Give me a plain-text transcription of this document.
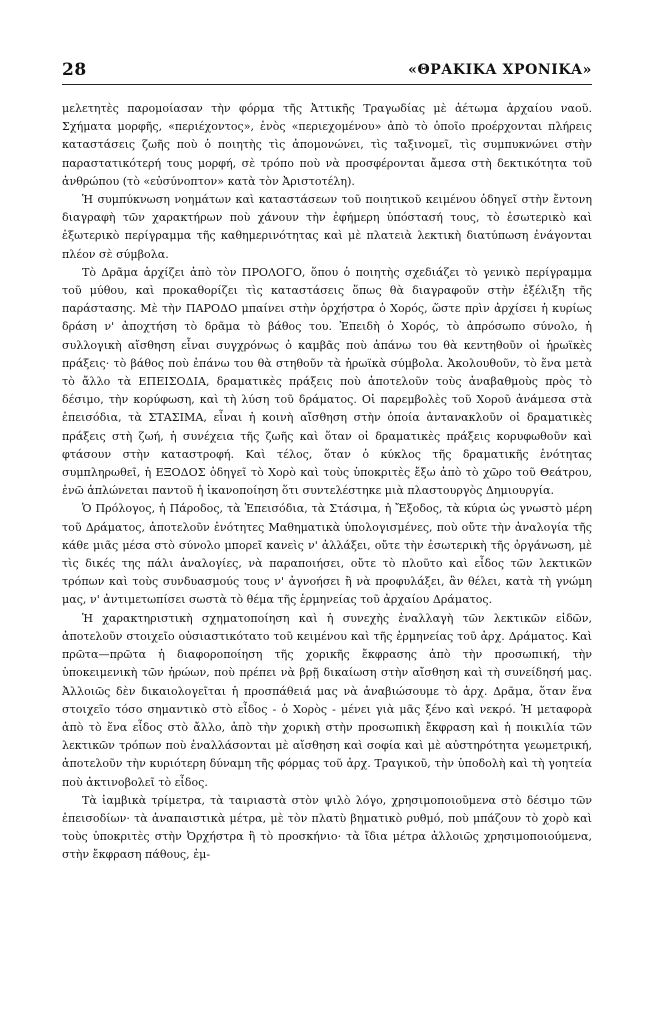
28	«ΘΡΑΚΙΚΑ ΧΡΟΝΙΚΑ»

μελετητὲς παρομοίασαν τὴν φόρμα τῆς Ἀττικῆς Τραγωδίας μὲ ἀέτωμα ἀρχαίου ναοῦ. Σχήματα μορφῆς, «περιέχοντος», ἑνὸς «περιεχομένου» ἀπὸ τὸ ὁποῖο προέρχονται πλήρεις καταστάσεις ζωῆς ποὺ ὁ ποιητὴς τὶς ἀπομονώνει, τὶς ταξινομεῖ, τὶς συμπυκνώνει στὴν παραστατικότερή τους μορφή, σὲ τρόπο ποὺ νὰ προσφέρονται ἄμεσα στὴ δεκτικότητα τοῦ ἀνθρώπου (τὸ «εὐσύνοπτον» κατὰ τὸν Ἀριστοτέλη).

Ἡ συμπύκνωση νοημάτων καὶ καταστάσεων τοῦ ποιητικοῦ κειμένου ὁδηγεῖ στὴν ἔντονη διαγραφὴ τῶν χαρακτήρων ποὺ χάνουν τὴν ἐφήμερη ὑπόστασή τους, τὸ ἐσωτερικὸ καὶ ἐξωτερικὸ περίγραμμα τῆς καθημερινότητας καὶ μὲ πλατειὰ λεκτικὴ διατύπωση ἐνάγονται πλέον σὲ σύμβολα.

Τὸ Δρᾶμα ἀρχίζει ἀπὸ τὸν ΠΡΟΛΟΓΟ, ὅπου ὁ ποιητὴς σχεδιάζει τὸ γενικὸ περίγραμμα τοῦ μύθου, καὶ προκαθορίζει τὶς καταστάσεις ὅπως θὰ διαγραφοῦν στὴν ἐξέλιξη τῆς παράστασης. Μὲ τὴν ΠΑΡΟΔΟ μπαίνει στὴν ὀρχήστρα ὁ Χορός, ὥστε πρὶν ἀρχίσει ἡ κυρίως δράση ν' ἀποχτήση τὸ δρᾶμα τὸ βάθος του. Ἐπειδὴ ὁ Χορός, τὸ ἀπρόσωπο σύνολο, ἡ συλλογικὴ αἴσθηση εἶναι συγχρόνως ὁ καμβᾶς ποὺ ἀπάνω του θὰ κεντηθοῦν οἱ ἡρωϊκὲς πράξεις· τὸ βάθος ποὺ ἐπάνω του θὰ στηθοῦν τὰ ἡρωϊκὰ σύμβολα. Ἀκολουθοῦν, τὸ ἕνα μετὰ τὸ ἄλλο τὰ ΕΠΕΙΣΟΔΙΑ, δραματικὲς πράξεις ποὺ ἀποτελοῦν τοὺς ἀναβαθμοὺς πρὸς τὸ δέσιμο, τὴν κορύφωση, καὶ τὴ λύση τοῦ δράματος. Οἱ παρεμβολὲς τοῦ Χοροῦ ἀνάμεσα στὰ ἐπεισόδια, τὰ ΣΤΑΣΙΜΑ, εἶναι ἡ κοινὴ αἴσθηση στὴν ὁποία ἀντανακλοῦν οἱ δραματικὲς πράξεις στὴ ζωή, ἡ συνέχεια τῆς ζωῆς καὶ ὅταν οἱ δραματικὲς πράξεις κορυφωθοῦν καὶ φτάσουν στὴν καταστροφή. Καὶ τέλος, ὅταν ὁ κύκλος τῆς δραματικῆς ἑνότητας συμπληρωθεῖ, ἡ ΕΞΟΔΟΣ ὁδηγεῖ τὸ Χορὸ καὶ τοὺς ὑποκριτὲς ἔξω ἀπὸ τὸ χῶρο τοῦ Θεάτρου, ἐνῶ ἁπλώνεται παντοῦ ἡ ἱκανοποίηση ὅτι συντελέστηκε μιὰ πλαστουργὸς Δημιουργία.

Ὁ Πρόλογος, ἡ Πάροδος, τὰ Ἐπεισόδια, τὰ Στάσιμα, ἡ Ἔξοδος, τὰ κύρια ὡς γνωστὸ μέρη τοῦ Δράματος, ἀποτελοῦν ἑνότητες Μαθηματικὰ ὑπολογισμένες, ποὺ οὔτε τὴν ἀναλογία τῆς κάθε μιᾶς μέσα στὸ σύνολο μπορεῖ κανεὶς ν' ἀλλάξει, οὔτε τὴν ἐσωτερικὴ τῆς ὀργάνωση, μὲ τὶς δικές της πάλι ἀναλογίες, νὰ παραποιήσει, οὔτε τὸ πλοῦτο καὶ εἶδος τῶν λεκτικῶν τρόπων καὶ τοὺς συνδυασμούς τους ν' ἀγνοήσει ἢ νὰ προφυλάξει, ἂν θέλει, κατὰ τὴ γνώμη μας, ν' ἀντιμετωπίσει σωστὰ τὸ θέμα τῆς ἑρμηνείας τοῦ ἀρχαίου Δράματος.

Ἡ χαρακτηριστικὴ σχηματοποίηση καὶ ἡ συνεχὴς ἐναλλαγὴ τῶν λεκτικῶν εἰδῶν, ἀποτελοῦν στοιχεῖο οὐσιαστικότατο τοῦ κειμένου καὶ τῆς ἑρμηνείας τοῦ ἀρχ. Δράματος. Καὶ πρῶτα—πρῶτα ἡ διαφοροποίηση τῆς χορικῆς ἔκφρασης ἀπὸ τὴν προσωπική, τὴν ὑποκειμενικὴ τῶν ἡρώων, ποὺ πρέπει νὰ βρῇ δικαίωση στὴν αἴσθηση καὶ τὴ συνείδησή μας. Ἀλλοιῶς δὲν δικαιολογεῖται ἡ προσπάθειά μας νὰ ἀναβιώσουμε τὸ ἀρχ. Δρᾶμα, ὅταν ἕνα στοιχεῖο τόσο σημαντικὸ στὸ εἶδος - ὁ Χορὸς - μένει γιὰ μᾶς ξένο καὶ νεκρό. Ἡ μεταφορὰ ἀπὸ τὸ ἕνα εἶδος στὸ ἄλλο, ἀπὸ τὴν χορικὴ στὴν προσωπικὴ ἔκφραση καὶ ἡ ποικιλία τῶν λεκτικῶν τρόπων ποὺ ἐναλλάσονται μὲ αἴσθηση καὶ σοφία καὶ μὲ αὐστηρότητα γεωμετρική, ἀποτελοῦν τὴν κυριότερη δύναμη τῆς φόρμας τοῦ ἀρχ. Τραγικοῦ, τὴν ὑποδολὴ καὶ τὴ γοητεία ποὺ ἀκτινοβολεῖ τὸ εἶδος.

Τὰ ἰαμβικὰ τρίμετρα, τὰ ταιριαστὰ στὸν ψιλὸ λόγο, χρησιμοποιοῦμενα στὸ δέσιμο τῶν ἐπεισοδίων· τὰ ἀναπαιστικὰ μέτρα, μὲ τὸν πλατὺ βηματικὸ ρυθμό, ποὺ μπάζουν τὸ χορὸ καὶ τοὺς ὑποκριτὲς στὴν Ὀρχήστρα ἢ τὸ προσκήνιο· τὰ ἴδια μέτρα ἀλλοιῶς χρησιμοποιούμενα, στὴν ἔκφραση πάθους, ἐμ-
